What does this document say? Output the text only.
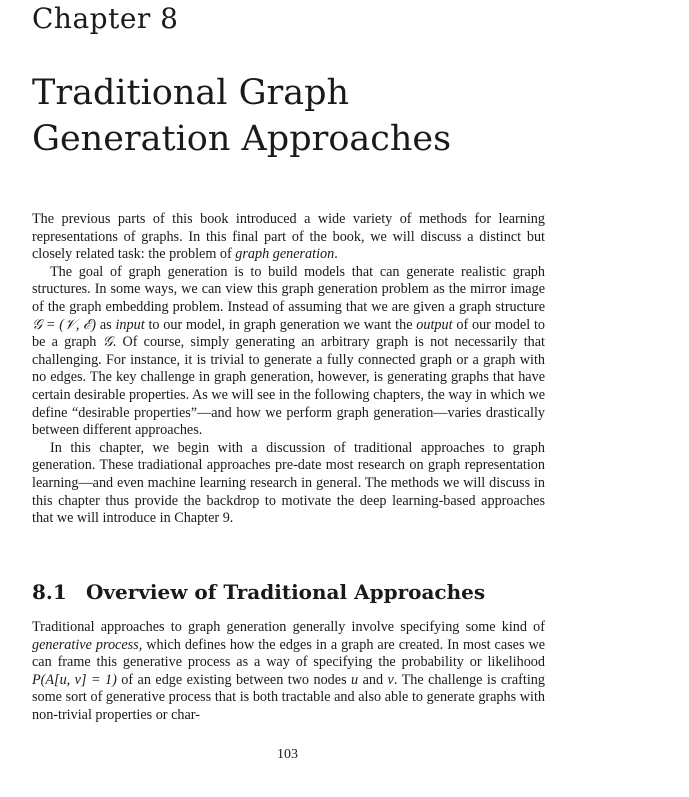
Chapter 8
Traditional Graph
Generation Approaches

The previous parts of this book introduced a wide variety of methods for learning representations of graphs. In this final part of the book, we will discuss a distinct but closely related task: the problem of graph generation.

The goal of graph generation is to build models that can generate realistic graph structures. In some ways, we can view this graph generation problem as the mirror image of the graph embedding problem. Instead of assuming that we are given a graph structure 𝒢 = (𝒱, ℰ) as input to our model, in graph generation we want the output of our model to be a graph 𝒢. Of course, simply generating an arbitrary graph is not necessarily that challenging. For instance, it is trivial to generate a fully connected graph or a graph with no edges. The key challenge in graph generation, however, is generating graphs that have certain desirable properties. As we will see in the following chapters, the way in which we define “desirable properties”—and how we perform graph generation—varies drastically between different approaches.

In this chapter, we begin with a discussion of traditional approaches to graph generation. These tradiational approaches pre-date most research on graph representation learning—and even machine learning research in general. The methods we will discuss in this chapter thus provide the backdrop to motivate the deep learning-based approaches that we will introduce in Chapter 9.

8.1 Overview of Traditional Approaches

Traditional approaches to graph generation generally involve specifying some kind of generative process, which defines how the edges in a graph are created. In most cases we can frame this generative process as a way of specifying the probability or likelihood P(A[u, v] = 1) of an edge existing between two nodes u and v. The challenge is crafting some sort of generative process that is both tractable and also able to generate graphs with non-trivial properties or char-

103
